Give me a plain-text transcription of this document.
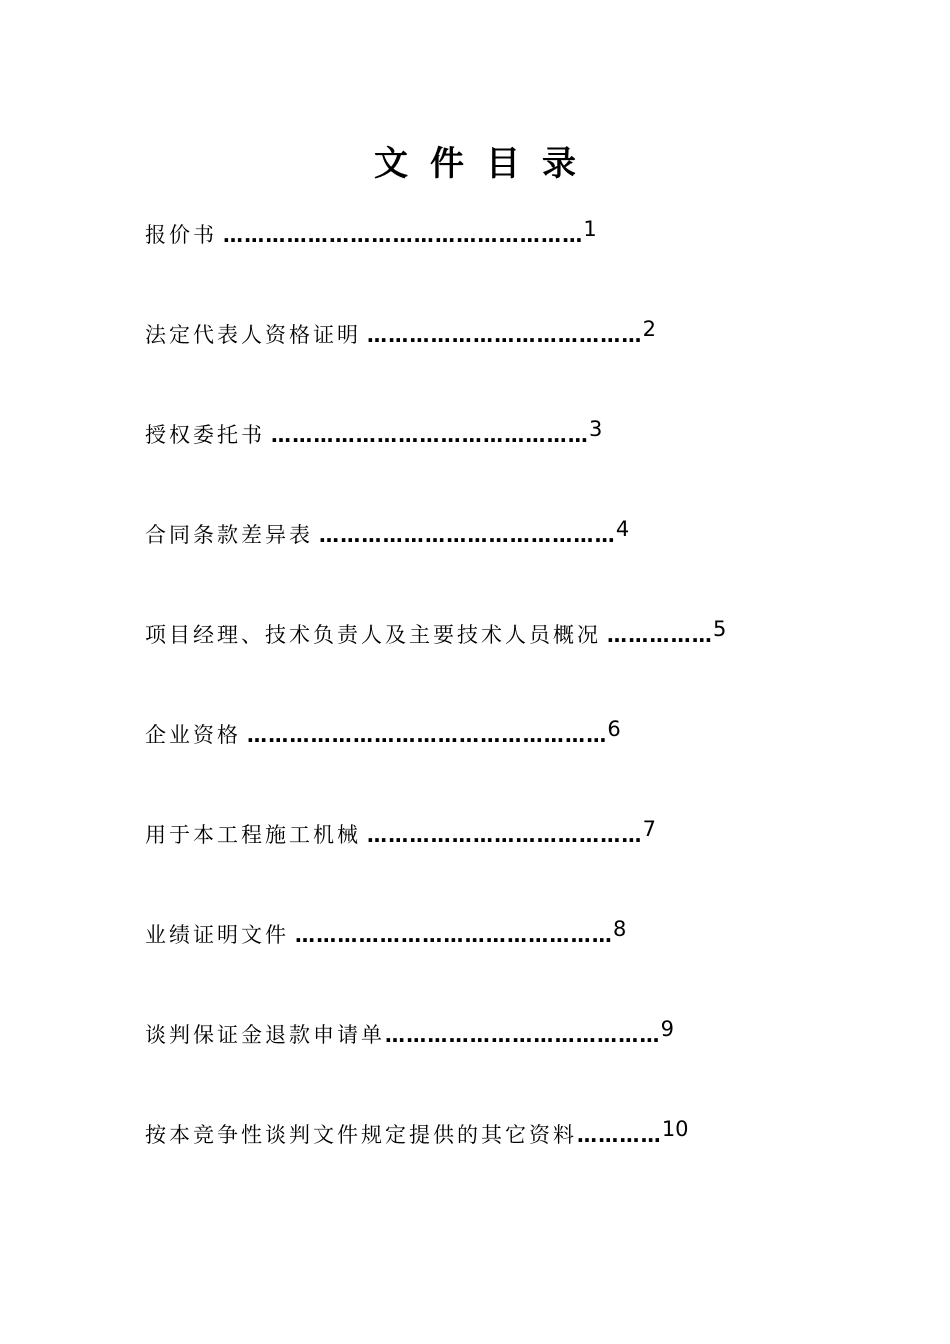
文件目录
报价书 …………………………………………… 1
法定代表人资格证明 ………………………………… 2
授权委托书 ……………………………………… 3
合同条款差异表 …………………………………… 4
项目经理、技术负责人及主要技术人员概况 …………… 5
企业资格 …………………………………………… 6
用于本工程施工机械 ………………………………… 7
业绩证明文件 ……………………………………… 8
谈判保证金退款申请单 ………………………………… 9
按本竞争性谈判文件规定提供的其它资料 ………… 10
